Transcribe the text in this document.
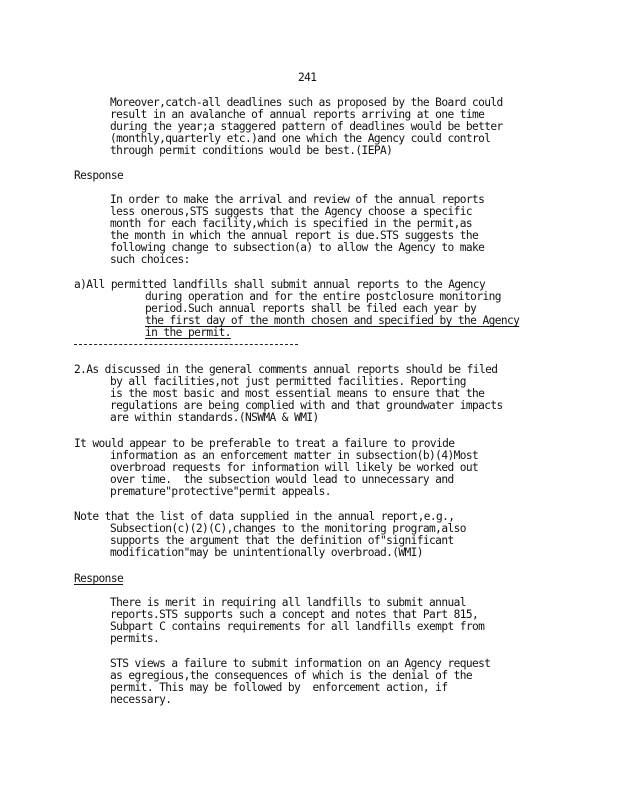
241
Moreover,catch-all deadlines such as proposed by the Board could
result in an avalanche of annual reports arriving at one time
during the year;a staggered pattern of deadlines would be better
(monthly,quarterly etc.)and one which the Agency could control
through permit conditions would be best.(IEPA)
Response
In order to make the arrival and review of the annual reports
less onerous,STS suggests that the Agency choose a specific
month for each facility,which is specified in the permit,as
the month in which the annual report is due.STS suggests the
following change to subsection(a) to allow the Agency to make
such choices:
a)All permitted landfills shall submit annual reports to the Agency
during operation and for the entire postclosure monitoring
period.Such annual reports shall be filed each year by
the first day of the month chosen and specified by the Agency
in the permit.
2.As discussed in the general comments annual reports should be filed
by all facilities,not just permitted facilities. Reporting
is the most basic and most essential means to ensure that the
regulations are being complied with and that groundwater impacts
are within standards.(NSWMA & WMI)
It would appear to be preferable to treat a failure to provide
information as an enforcement matter in subsection(b)(4)Most
overbroad requests for information will likely be worked out
over time.  the subsection would lead to unnecessary and
premature"protective"permit appeals.
Note that the list of data supplied in the annual report,e.g.,
Subsection(c)(2)(C),changes to the monitoring program,also
supports the argument that the definition of"significant
modification"may be unintentionally overbroad.(WMI)
Response
There is merit in requiring all landfills to submit annual
reports.STS supports such a concept and notes that Part 815,
Subpart C contains requirements for all landfills exempt from
permits.
STS views a failure to submit information on an Agency request
as egregious,the consequences of which is the denial of the
permit. This may be followed by  enforcement action, if
necessary.
